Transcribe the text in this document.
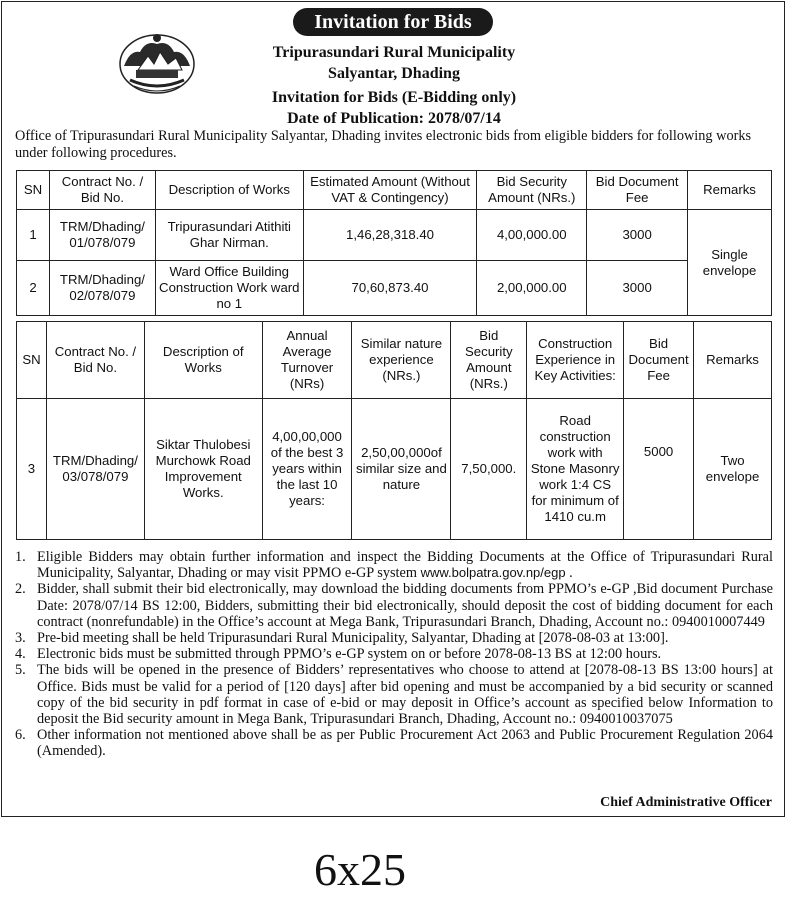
Invitation for Bids
Tripurasundari Rural Municipality
Salyantar, Dhading
Invitation for Bids (E-Bidding only)
Date of Publication: 2078/07/14
Office of Tripurasundari Rural Municipality Salyantar, Dhading invites electronic bids from eligible bidders for following works under following procedures.
SN	Contract No. / Bid No.	Description of Works	Estimated Amount (Without VAT & Contingency)	Bid Security Amount (NRs.)	Bid Document Fee	Remarks
1	TRM/Dhading/ 01/078/079	Tripurasundari Atithiti Ghar Nirman.	1,46,28,318.40	4,00,000.00	3000	Single envelope
2	TRM/Dhading/ 02/078/079	Ward Office Building Construction Work ward no 1	70,60,873.40	2,00,000.00	3000	
SN	Contract No. / Bid No.	Description of Works	Annual Average Turnover (NRs)	Similar nature experience (NRs.)	Bid Security Amount (NRs.)	Construction Experience in Key Activities:	Bid Document Fee	Remarks
3	TRM/Dhading/ 03/078/079	Siktar Thulobesi Murchowk Road Improvement Works.	4,00,00,000 of the best 3 years within the last 10 years:	2,50,00,000of similar size and nature	7,50,000.	Road construction work with Stone Masonry work 1:4 CS for minimum of 1410 cu.m	5000	Two envelope
1. Eligible Bidders may obtain further information and inspect the Bidding Documents at the Office of Tripurasundari Rural Municipality, Salyantar, Dhading or may visit PPMO e-GP system www.bolpatra.gov.np/egp .
2. Bidder, shall submit their bid electronically, may download the bidding documents from PPMO’s e-GP ,Bid document Purchase Date: 2078/07/14 BS 12:00, Bidders, submitting their bid electronically, should deposit the cost of bidding document for each contract (nonrefundable) in the Office’s account at Mega Bank, Tripurasundari Branch, Dhading, Account no.: 0940010007449
3. Pre-bid meeting shall be held Tripurasundari Rural Municipality, Salyantar, Dhading at [2078-08-03 at 13:00].
4. Electronic bids must be submitted through PPMO’s e-GP system on or before 2078-08-13 BS at 12:00 hours.
5. The bids will be opened in the presence of Bidders’ representatives who choose to attend at [2078-08-13 BS 13:00 hours] at Office. Bids must be valid for a period of [120 days] after bid opening and must be accompanied by a bid security or scanned copy of the bid security in pdf format in case of e-bid or may deposit in Office’s account as specified below Information to deposit the Bid security amount in Mega Bank, Tripurasundari Branch, Dhading, Account no.: 0940010037075
6. Other information not mentioned above shall be as per Public Procurement Act 2063 and Public Procurement Regulation 2064 (Amended).
Chief Administrative Officer
6x25
